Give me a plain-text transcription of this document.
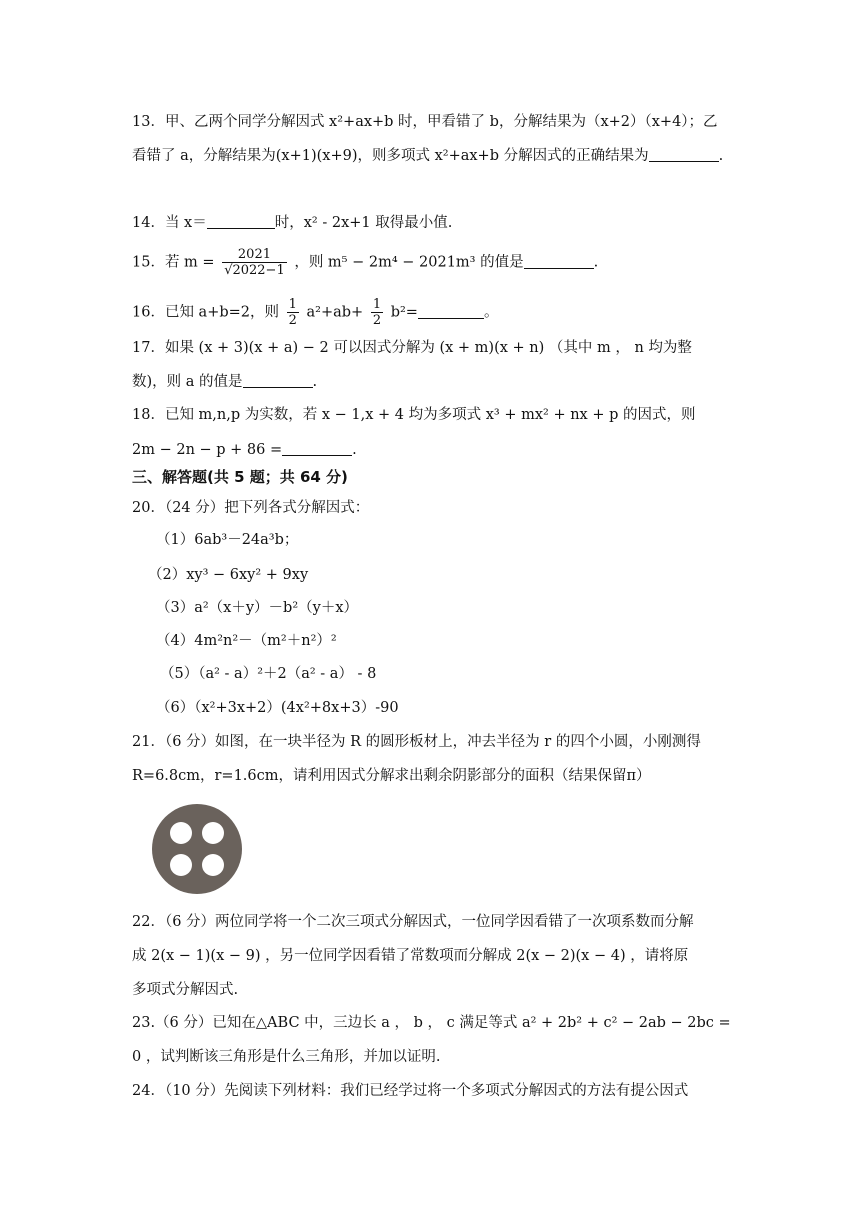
13．甲、乙两个同学分解因式 x²+ax+b 时，甲看错了 b，分解结果为（x+2）（x+4）；乙
看错了 a，分解结果为(x+1)(x+9)，则多项式 x²+ax+b 分解因式的正确结果为	.
14．当 x＝	时，x² - 2x+1 取得最小值.
15．若 $m = \frac{2021}{√2022-1}$ ，则 m⁵ − 2m⁴ − 2021m³ 的值是	.
16．已知 a+b=2，则 $\frac{1}{2} a^2+ab+ \frac{1}{2} b^2=$	。
17．如果 (x + 3)(x + a) − 2 可以因式分解为 (x + m)(x + n) （其中 m ， n 均为整
数)，则 a 的值是	.
18．已知 m,n,p 为实数，若 x − 1,x + 4 均为多项式 x³ + mx² + nx + p 的因式，则
2m − 2n − p + 86 =	.
三、解答题(共 5 题；共 64 分)
20．（24 分）把下列各式分解因式：
（1）6ab³－24a³b；
（2）xy³ − 6xy² + 9xy
（3）a²（x＋y）－b²（y＋x）
（4）4m²n²－（m²＋n²）²
（5）（a² - a）²＋2（a² - a） - 8
（6）（x²+3x+2）(4x²+8x+3）-90
21．（6 分）如图，在一块半径为 R 的圆形板材上，冲去半径为 r 的四个小圆，小刚测得
R=6.8cm，r=1.6cm，请利用因式分解求出剩余阴影部分的面积（结果保留π）
22．（6 分）两位同学将一个二次三项式分解因式，一位同学因看错了一次项系数而分解
成 2(x − 1)(x − 9) ，另一位同学因看错了常数项而分解成 2(x − 2)(x − 4) ，请将原
多项式分解因式.
23.（6 分）已知在△ABC 中，三边长 a ， b ， c 满足等式 a² + 2b² + c² − 2ab − 2bc =
0 ，试判断该三角形是什么三角形，并加以证明.
24．（10 分）先阅读下列材料：我们已经学过将一个多项式分解因式的方法有提公因式
